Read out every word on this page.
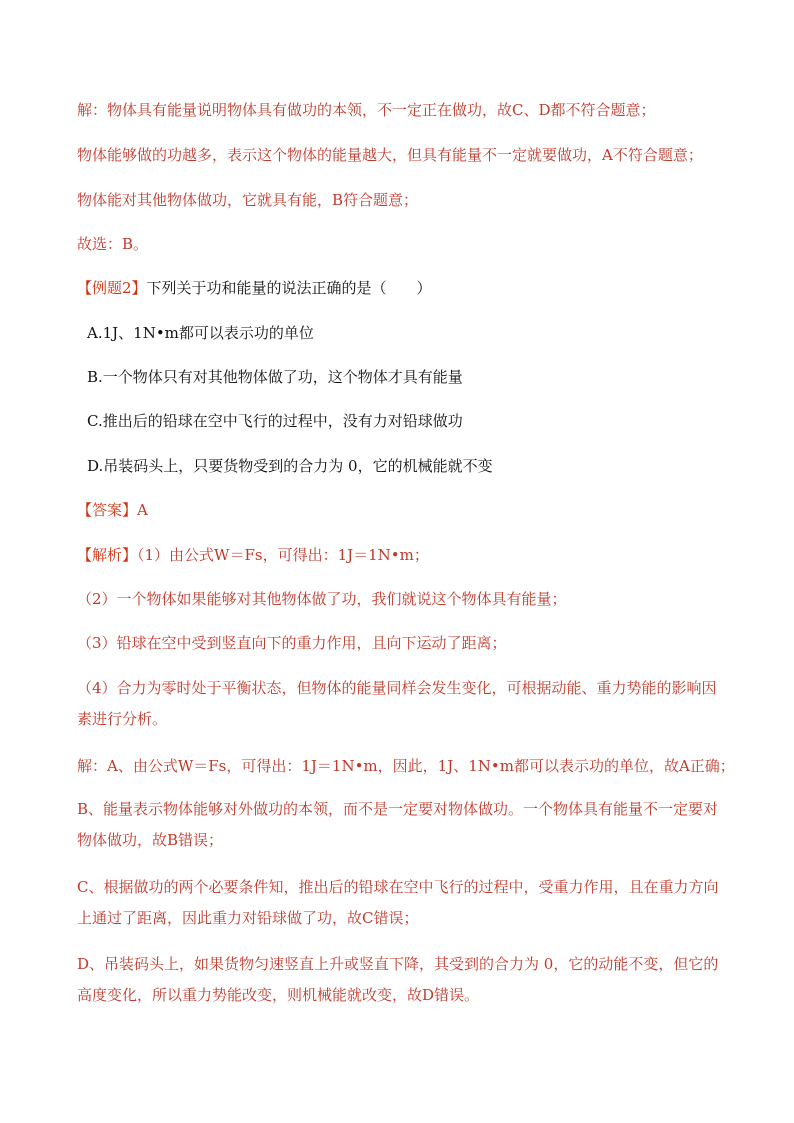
解：物体具有能量说明物体具有做功的本领，不一定正在做功，故C、D都不符合题意；
物体能够做的功越多，表示这个物体的能量越大，但具有能量不一定就要做功，A不符合题意；
物体能对其他物体做功，它就具有能，B符合题意；
故选：B。
【例题2】下列关于功和能量的说法正确的是（　　）
A.1J、1N•m都可以表示功的单位
B.一个物体只有对其他物体做了功，这个物体才具有能量
C.推出后的铅球在空中飞行的过程中，没有力对铅球做功
D.吊装码头上，只要货物受到的合力为 0，它的机械能就不变
【答案】A
【解析】（1）由公式W＝Fs，可得出：1J＝1N•m；
（2）一个物体如果能够对其他物体做了功，我们就说这个物体具有能量；
（3）铅球在空中受到竖直向下的重力作用，且向下运动了距离；
（4）合力为零时处于平衡状态，但物体的能量同样会发生变化，可根据动能、重力势能的影响因素进行分析。
解：A、由公式W＝Fs，可得出：1J＝1N•m，因此，1J、1N•m都可以表示功的单位，故A正确；
B、能量表示物体能够对外做功的本领，而不是一定要对物体做功。一个物体具有能量不一定要对物体做功，故B错误；
C、根据做功的两个必要条件知，推出后的铅球在空中飞行的过程中，受重力作用，且在重力方向上通过了距离，因此重力对铅球做了功，故C错误；
D、吊装码头上，如果货物匀速竖直上升或竖直下降，其受到的合力为 0，它的动能不变，但它的高度变化，所以重力势能改变，则机械能就改变，故D错误。
